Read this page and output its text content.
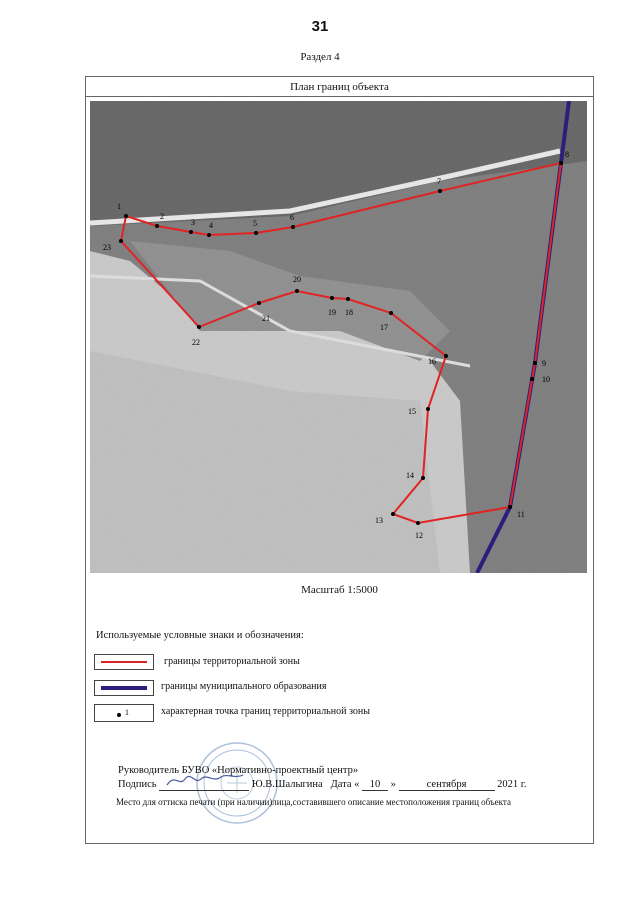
31
Раздел 4
План границ объекта
1
2
3 4	5
6
7
8
9
10
11
12
13
14
15
16
17
18
19
20
21
22
23
Масштаб 1:5000
Используемые условные знаки и обозначения:
границы территориальной зоны
границы муниципального образования
1	характерная точка границ территориальной зоны
Руководитель БУВО «Нормативно-проектный центр»
Подпись	Ю.В.Шалыгина Дата « 10 »	сентября	2021 г.
Место для оттиска печати (при наличии)лица,составившего описание местоположения границ объекта
